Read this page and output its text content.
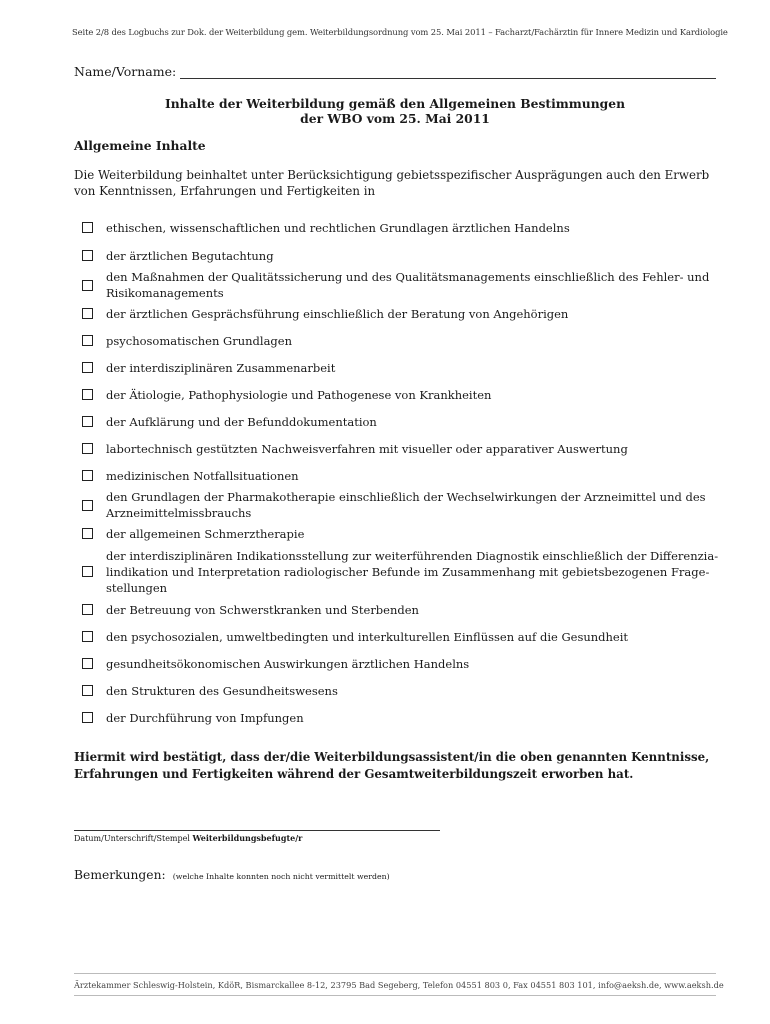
Seite 2/8 des Logbuchs zur Dok. der Weiterbildung gem. Weiterbildungsordnung vom 25. Mai 2011 – Facharzt/Fachärztin für Innere Medizin und Kardiologie
Name/Vorname:
Inhalte der Weiterbildung gemäß den Allgemeinen Bestimmungen
der WBO vom 25. Mai 2011
Allgemeine Inhalte
Die Weiterbildung beinhaltet unter Berücksichtigung gebietsspezifischer Ausprägungen auch den Erwerb von Kenntnissen, Erfahrungen und Fertigkeiten in
ethischen, wissenschaftlichen und rechtlichen Grundlagen ärztlichen Handelns
der ärztlichen Begutachtung
den Maßnahmen der Qualitätssicherung und des Qualitätsmanagements einschließlich des Fehler- und
Risikomanagements
der ärztlichen Gesprächsführung einschließlich der Beratung von Angehörigen
psychosomatischen Grundlagen
der interdisziplinären Zusammenarbeit
der Ätiologie, Pathophysiologie und Pathogenese von Krankheiten
der Aufklärung und der Befunddokumentation
labortechnisch gestützten Nachweisverfahren mit visueller oder apparativer Auswertung
medizinischen Notfallsituationen
den Grundlagen der Pharmakotherapie einschließlich der Wechselwirkungen der Arzneimittel und des
Arzneimittelmissbrauchs
der allgemeinen Schmerztherapie
der interdisziplinären Indikationsstellung zur weiterführenden Diagnostik einschließlich der Differenzia-
lindikation und Interpretation radiologischer Befunde im Zusammenhang mit gebietsbezogenen Frage-
stellungen
der Betreuung von Schwerstkranken und Sterbenden
den psychosozialen, umweltbedingten und interkulturellen Einflüssen auf die Gesundheit
gesundheitsökonomischen Auswirkungen ärztlichen Handelns
den Strukturen des Gesundheitswesens
der Durchführung von Impfungen
Hiermit wird bestätigt, dass der/die Weiterbildungsassistent/in die oben genannten Kenntnisse,
Erfahrungen und Fertigkeiten während der Gesamtweiterbildungszeit erworben hat.
Datum/Unterschrift/Stempel Weiterbildungsbefugte/r
Bemerkungen: (welche Inhalte konnten noch nicht vermittelt werden)
Ärztekammer Schleswig-Holstein, KdöR, Bismarckallee 8-12, 23795 Bad Segeberg, Telefon 04551 803 0, Fax 04551 803 101, info@aeksh.de, www.aeksh.de
